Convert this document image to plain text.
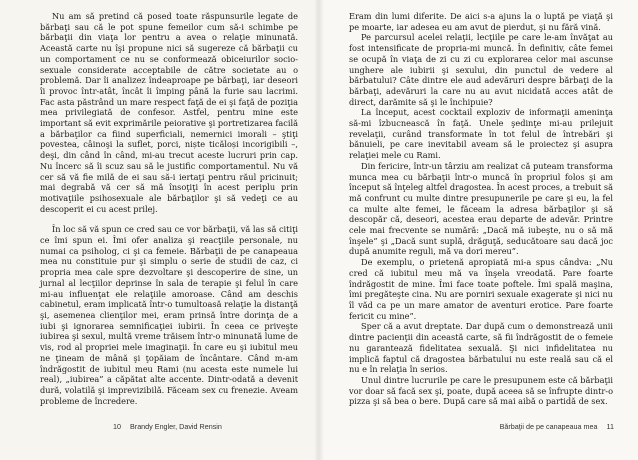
Nu am să pretind că posed toate răspunsurile legate de bărbaţi sau că le pot spune femeilor cum să-i schimbe pe bărbaţii din viaţa lor pentru a avea o relaţie minunată. Această carte nu îşi propune nici să sugereze că bărbaţii cu un comportament ce nu se conformează obiceiurilor socio-sexuale considerate acceptabile de către societate au o problemă. Dar îi analizez îndeaproape pe bărbaţi, iar deseori îi provoc într-atât, încât îi împing până la furie sau lacrimi. Fac asta păstrând un mare respect faţă de ei şi faţă de poziţia mea privilegiată de confesor. Astfel, pentru mine este important să evit exprimările peiorative şi portretizarea facilă a bărbaţilor ca fiind superficiali, nemernici imorali – ştiţi povestea, câinoşi la suflet, porci, niște ticăloși incorigibili –, deşi, din când în când, mi-au trecut aceste lucruri prin cap. Nu încerc să îi scuz sau să le justific comportamentul. Nu vă cer să vă fie milă de ei sau să-i iertaţi pentru răul pricinuit; mai degrabă vă cer să mă însoţiţi în acest periplu prin motivaţiile psihosexuale ale bărbaţilor şi să vedeţi ce au descoperit ei cu acest prilej.

În loc să vă spun ce cred sau ce vor bărbaţii, vă las să citiţi ce îmi spun ei. Îmi ofer analiza şi reacţiile personale, nu numai ca psiholog, ci şi ca femeie. Bărbaţii de pe canapeaua mea nu constituie pur şi simplu o serie de studii de caz, ci propria mea cale spre dezvoltare şi descoperire de sine, un jurnal al lecţiilor deprinse în sala de terapie şi felul în care mi-au influenţat ele relaţiile amoroase. Când am deschis cabinetul, eram implicată într-o tumultoasă relaţie la distanţă şi, asemenea clienţilor mei, eram prinsă între dorinţa de a iubi şi ignorarea semnificaţiei iubirii. În ceea ce priveşte iubirea şi sexul, multă vreme trăisem într-o minunată lume de vis, rod al propriei mele imaginaţii. În care eu şi iubitul meu ne ţineam de mână şi ţopăiam de încântare. Când m-am îndrăgostit de iubitul meu Rami (nu acesta este numele lui real), „iubirea” a căpătat alte accente. Dintr-odată a devenit dură, volatilă şi imprevizibilă. Făceam sex cu frenezie. Aveam probleme de încredere.

10 Brandy Engler, David Rensin

Eram din lumi diferite. De aici s-a ajuns la o luptă pe viaţă şi pe moarte, iar adesea eu am avut de pierdut, şi nu fără vină.

Pe parcursul acelei relaţii, lecţiile pe care le-am învăţat au fost intensificate de propria-mi muncă. În definitiv, câte femei se ocupă în viaţa de zi cu zi cu explorarea celor mai ascunse unghere ale iubirii şi sexului, din punctul de vedere al bărbatului? Câte dintre ele aud adevăruri despre bărbaţi de la bărbaţi, adevăruri la care nu au avut nicidată acces atât de direct, darămite să şi le închipuie?

La început, acest cocktail exploziv de informaţii ameninţa să-mi îzbucnească în faţă. Unele şedinţe mi-au prilejuit revelaţii, curând transformate în tot felul de întrebări şi bănuieli, pe care inevitabil aveam să le proiectez şi asupra relaţiei mele cu Rami.

Din fericire, într-un târziu am realizat că puteam transforma munca mea cu bărbaţii într-o muncă în propriul folos şi am început să înţeleg altfel dragostea. În acest proces, a trebuit să mă confrunt cu multe dintre presupunerile pe care şi eu, la fel ca multe alte femei, le făceam la adresa bărbaţilor şi să descopăr că, deseori, acestea erau departe de adevăr. Printre cele mai frecvente se numără: „Dacă mă iubeşte, nu o să mă înşele” şi „Dacă sunt suplă, drăguţă, seducătoare sau dacă joc după anumite reguli, mă va dori mereu”.

De exemplu, o prietenă apropiată mi-a spus cândva: „Nu cred că iubitul meu mă va înşela vreodată. Pare foarte îndrăgostit de mine. Îmi face toate poftele. Îmi spală maşina, îmi pregăteşte cina. Nu are porniri sexuale exagerate şi nici nu îl văd ca pe un mare amator de aventuri erotice. Pare foarte fericit cu mine”.

Sper că a avut dreptate. Dar după cum o demonstrează unii dintre pacienţii din această carte, să fii îndrăgostit de o femeie nu garantează fidelitatea sexuală. Şi nici infidelitatea nu implică faptul că dragostea bărbatului nu este reală sau că el nu e în relaţia în serios.

Unul dintre lucrurile pe care le presupunem este că bărbaţii vor doar să facă sex şi, poate, după aceea să se înfrupte dintr-o pizza şi să bea o bere. După care să mai aibă o partidă de sex.

Bărbaţii de pe canapeaua mea 11
